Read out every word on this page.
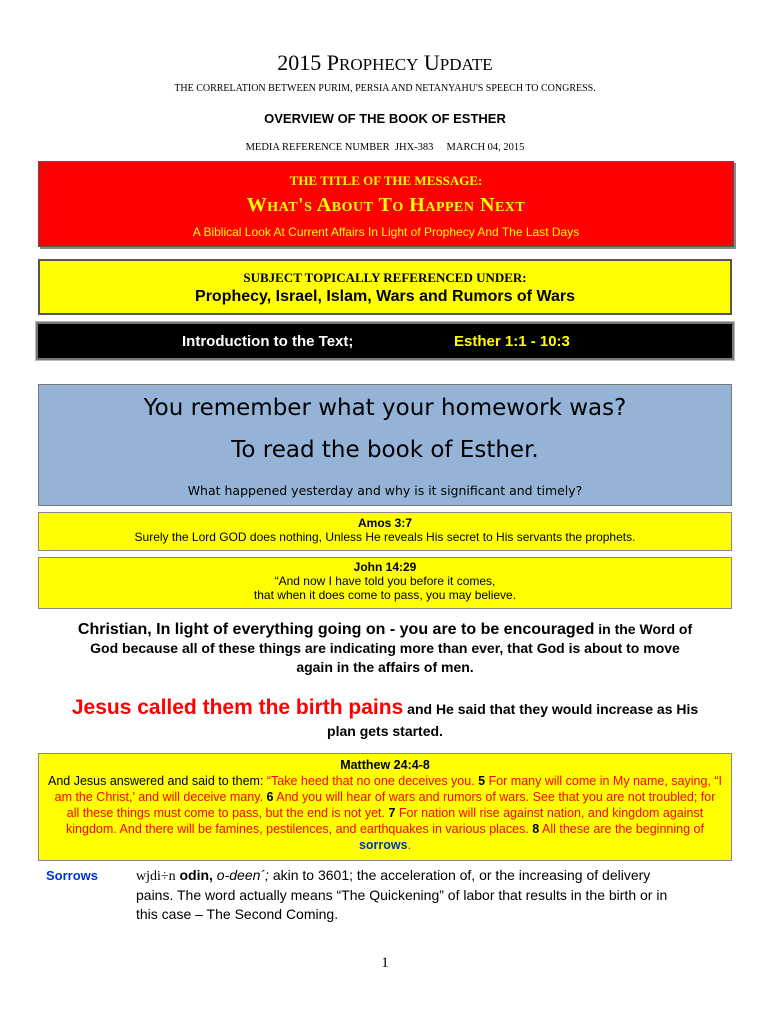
2015 PROPHECY UPDATE
THE CORRELATION BETWEEN PURIM, PERSIA AND NETANYAHU'S SPEECH TO CONGRESS.
OVERVIEW OF THE BOOK OF ESTHER
MEDIA REFERENCE NUMBER  JHX-383     MARCH 04, 2015
THE TITLE OF THE MESSAGE:
What's About To Happen Next
A Biblical Look At Current Affairs In Light of Prophecy And The Last Days
SUBJECT TOPICALLY REFERENCED UNDER:
Prophecy, Israel, Islam, Wars and Rumors of Wars
Introduction to the Text;	Esther 1:1 - 10:3
You remember what your homework was?
To read the book of Esther.
What happened yesterday and why is it significant and timely?
Amos 3:7
Surely the Lord GOD does nothing, Unless He reveals His secret to His servants the prophets.
John 14:29
“And now I have told you before it comes,
that when it does come to pass, you may believe.
Christian, In light of everything going on - you are to be encouraged in the Word of
God because all of these things are indicating more than ever, that God is about to move
again in the affairs of men.
Jesus called them the birth pains and He said that they would increase as His
plan gets started.
Matthew 24:4-8
And Jesus answered and said to them: “Take heed that no one deceives you. 5 For many will come in My name, saying, “I am the Christ,’ and will deceive many. 6 And you will hear of wars and rumors of wars. See that you are not troubled; for all these things must come to pass, but the end is not yet. 7 For nation will rise against nation, and kingdom against kingdom. And there will be famines, pestilences, and earthquakes in various places. 8 All these are the beginning of sorrows.
Sorrows	wjdi÷n odin, o-deen´; akin to 3601; the acceleration of, or the increasing of delivery
pains. The word actually means “The Quickening” of labor that results in the birth or in
this case – The Second Coming.
1
